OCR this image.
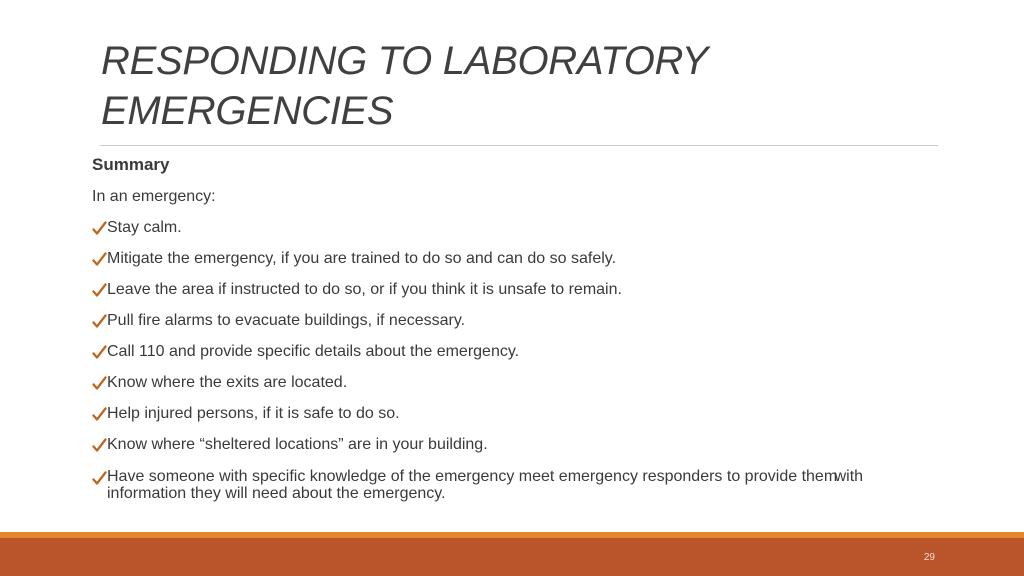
RESPONDING TO LABORATORY EMERGENCIES
Summary
In an emergency:
Stay calm.
Mitigate the emergency, if you are trained to do so and can do so safely.
Leave the area if instructed to do so, or if you think it is unsafe to remain.
Pull fire alarms to evacuate buildings, if necessary.
Call 110 and provide specific details about the emergency.
Know where the exits are located.
Help injured persons, if it is safe to do so.
Know where “sheltered locations” are in your building.
Have someone with specific knowledge of the emergency meet emergency responders to provide them with information they will need about the emergency.
29
